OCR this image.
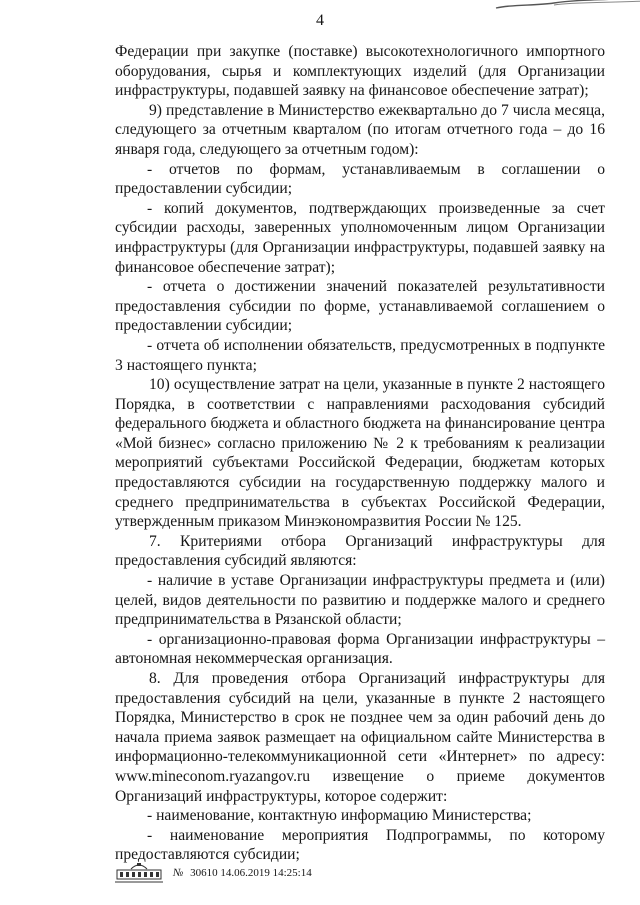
4

Федерации при закупке (поставке) высокотехнологичного импортного оборудования, сырья и комплектующих изделий (для Организации инфраструктуры, подавшей заявку на финансовое обеспечение затрат);

9) представление в Министерство ежеквартально до 7 числа месяца, следующего за отчетным кварталом (по итогам отчетного года – до 16 января года, следующего за отчетным годом):

- отчетов по формам, устанавливаемым в соглашении о предоставлении субсидии;

- копий документов, подтверждающих произведенные за счет субсидии расходы, заверенных уполномоченным лицом Организации инфраструктуры (для Организации инфраструктуры, подавшей заявку на финансовое обеспечение затрат);

- отчета о достижении значений показателей результативности предоставления субсидии по форме, устанавливаемой соглашением о предоставлении субсидии;

- отчета об исполнении обязательств, предусмотренных в подпункте 3 настоящего пункта;

10) осуществление затрат на цели, указанные в пункте 2 настоящего Порядка, в соответствии с направлениями расходования субсидий федерального бюджета и областного бюджета на финансирование центра «Мой бизнес» согласно приложению № 2 к требованиям к реализации мероприятий субъектами Российской Федерации, бюджетам которых предоставляются субсидии на государственную поддержку малого и среднего предпринимательства в субъектах Российской Федерации, утвержденным приказом Минэкономразвития России № 125.

7. Критериями отбора Организаций инфраструктуры для предоставления субсидий являются:

- наличие в уставе Организации инфраструктуры предмета и (или) целей, видов деятельности по развитию и поддержке малого и среднего предпринимательства в Рязанской области;

- организационно-правовая форма Организации инфраструктуры – автономная некоммерческая организация.

8. Для проведения отбора Организаций инфраструктуры для предоставления субсидий на цели, указанные в пункте 2 настоящего Порядка, Министерство в срок не позднее чем за один рабочий день до начала приема заявок размещает на официальном сайте Министерства в информационно-телекоммуникационной сети «Интернет» по адресу: www.mineconom.ryazangov.ru извещение о приеме документов Организаций инфраструктуры, которое содержит:

- наименование, контактную информацию Министерства;

- наименование мероприятия Подпрограммы, по которому предоставляются субсидии;

№ 30610 14.06.2019 14:25:14
